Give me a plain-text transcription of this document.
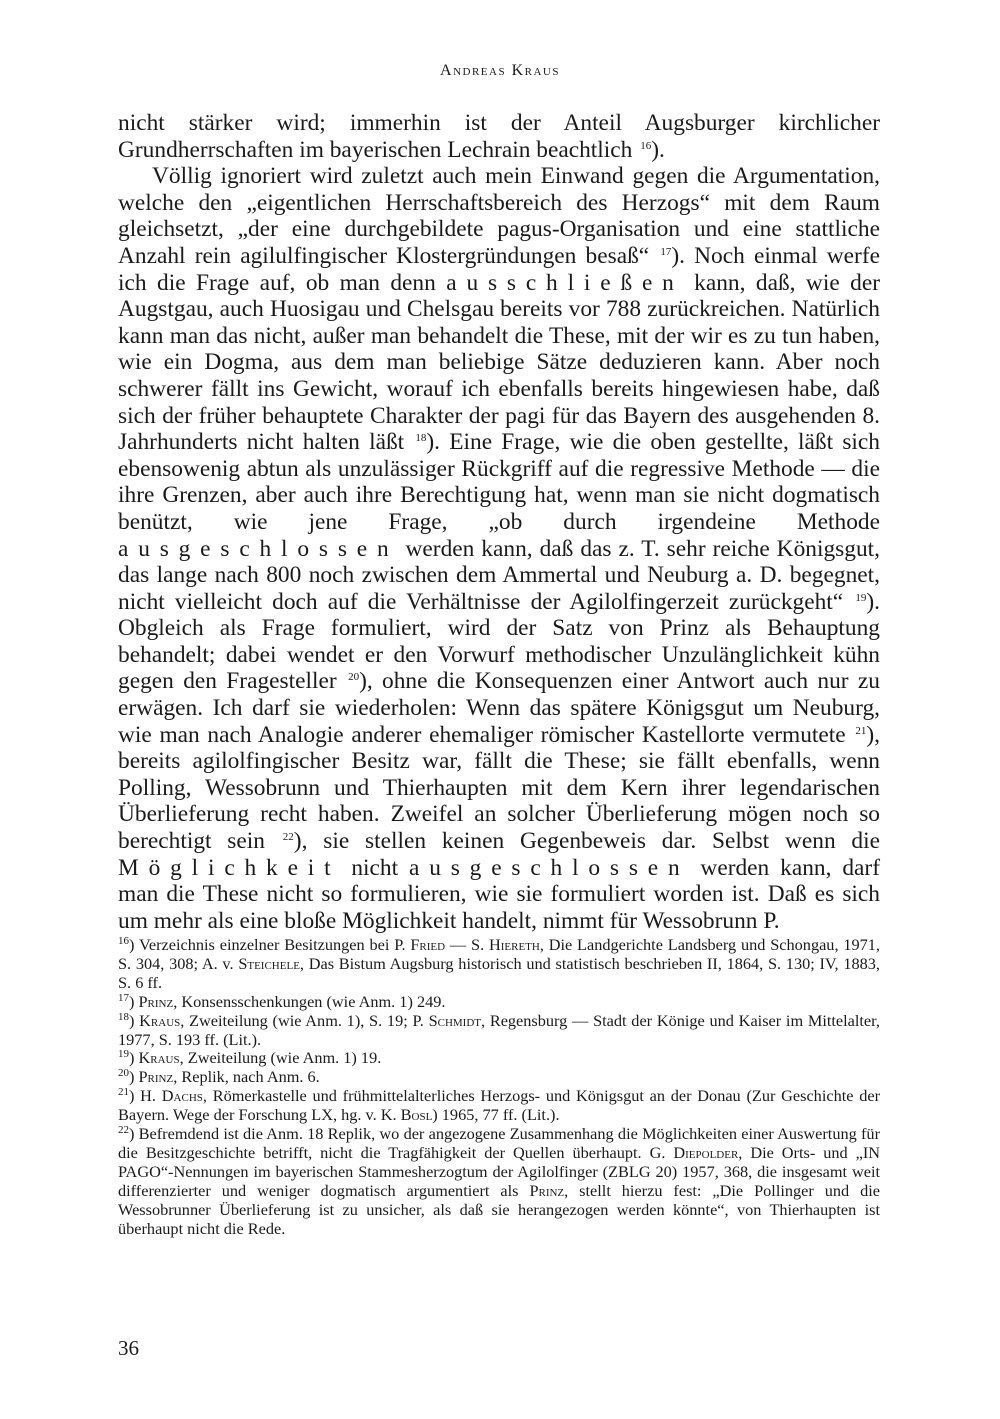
Andreas Kraus

nicht stärker wird; immerhin ist der Anteil Augsburger kirchlicher Grundherrschaften im bayerischen Lechrain beachtlich $^{16}$).

Völlig ignoriert wird zuletzt auch mein Einwand gegen die Argumentation, welche den „eigentlichen Herrschaftsbereich des Herzogs“ mit dem Raum gleichsetzt, „der eine durchgebildete pagus-Organisation und eine stattliche Anzahl rein agilulfingischer Klostergründungen besaß“ $^{17}$). Noch einmal werfe ich die Frage auf, ob man denn ausschließen kann, daß, wie der Augstgau, auch Huosigau und Chelsgau bereits vor 788 zurückreichen. Natürlich kann man das nicht, außer man behandelt die These, mit der wir es zu tun haben, wie ein Dogma, aus dem man beliebige Sätze deduzieren kann. Aber noch schwerer fällt ins Gewicht, worauf ich ebenfalls bereits hingewiesen habe, daß sich der früher behauptete Charakter der pagi für das Bayern des ausgehenden 8. Jahrhunderts nicht halten läßt $^{18}$). Eine Frage, wie die oben gestellte, läßt sich ebensowenig abtun als unzulässiger Rückgriff auf die regressive Methode — die ihre Grenzen, aber auch ihre Berechtigung hat, wenn man sie nicht dogmatisch benützt, wie jene Frage, „ob durch irgendeine Methode ausgeschlossen werden kann, daß das z. T. sehr reiche Königsgut, das lange nach 800 noch zwischen dem Ammertal und Neuburg a. D. begegnet, nicht vielleicht doch auf die Verhältnisse der Agilolfingerzeit zurückgeht“ $^{19}$). Obgleich als Frage formuliert, wird der Satz von Prinz als Behauptung behandelt; dabei wendet er den Vorwurf methodischer Unzulänglichkeit kühn gegen den Fragesteller $^{20}$), ohne die Konsequenzen einer Antwort auch nur zu erwägen. Ich darf sie wiederholen: Wenn das spätere Königsgut um Neuburg, wie man nach Analogie anderer ehemaliger römischer Kastellorte vermutete $^{21}$), bereits agilolfingischer Besitz war, fällt die These; sie fällt ebenfalls, wenn Polling, Wessobrunn und Thierhaupten mit dem Kern ihrer legendarischen Überlieferung recht haben. Zweifel an solcher Überlieferung mögen noch so berechtigt sein $^{22}$), sie stellen keinen Gegenbeweis dar. Selbst wenn die Möglichkeit nicht ausgeschlossen werden kann, darf man die These nicht so formulieren, wie sie formuliert worden ist. Daß es sich um mehr als eine bloße Möglichkeit handelt, nimmt für Wessobrunn P.

$^{16}$) Verzeichnis einzelner Besitzungen bei P. Fried — S. Hiereth, Die Landgerichte Landsberg und Schongau, 1971, S. 304, 308; A. v. Steichele, Das Bistum Augsburg historisch und statistisch beschrieben II, 1864, S. 130; IV, 1883, S. 6 ff.

$^{17}$) Prinz, Konsensschenkungen (wie Anm. 1) 249.

$^{18}$) Kraus, Zweiteilung (wie Anm. 1), S. 19; P. Schmidt, Regensburg — Stadt der Könige und Kaiser im Mittelalter, 1977, S. 193 ff. (Lit.).

$^{19}$) Kraus, Zweiteilung (wie Anm. 1) 19.

$^{20}$) Prinz, Replik, nach Anm. 6.

$^{21}$) H. Dachs, Römerkastelle und frühmittelalterliches Herzogs- und Königsgut an der Donau (Zur Geschichte der Bayern. Wege der Forschung LX, hg. v. K. Bosl) 1965, 77 ff. (Lit.).

$^{22}$) Befremdend ist die Anm. 18 Replik, wo der angezogene Zusammenhang die Möglichkeiten einer Auswertung für die Besitzgeschichte betrifft, nicht die Tragfähigkeit der Quellen überhaupt. G. Diepolder, Die Orts- und „IN PAGO“-Nennungen im bayerischen Stammesherzogtum der Agilolfinger (ZBLG 20) 1957, 368, die insgesamt weit differenzierter und weniger dogmatisch argumentiert als Prinz, stellt hierzu fest: „Die Pollinger und die Wessobrunner Überlieferung ist zu unsicher, als daß sie herangezogen werden könnte“, von Thierhaupten ist überhaupt nicht die Rede.

36
